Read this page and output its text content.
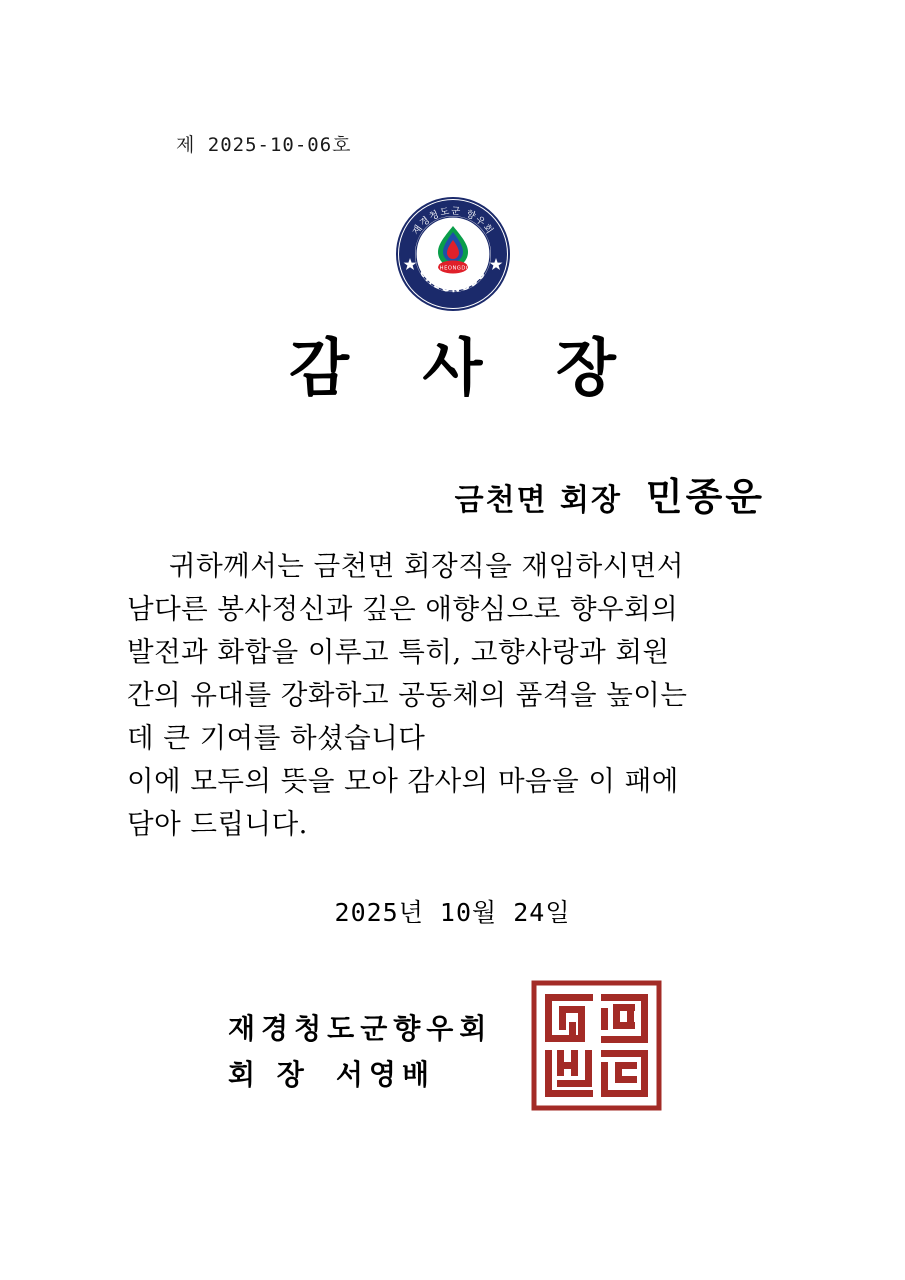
제 2025-10-06호
재경청도군 향우회
CHEONGDO
CHEONGDO
감 사 장
금천면 회장 민종운

귀하께서는 금천면 회장직을 재임하시면서

남다른 봉사정신과 깊은 애향심으로 향우회의

발전과 화합을 이루고 특히, 고향사랑과 회원

간의 유대를 강화하고 공동체의 품격을 높이는

데 큰 기여를 하셨습니다

이에 모두의 뜻을 모아 감사의 마음을 이 패에

담아 드립니다.

2025년 10월 24일
재경청도군향우회
회 장 서영배
